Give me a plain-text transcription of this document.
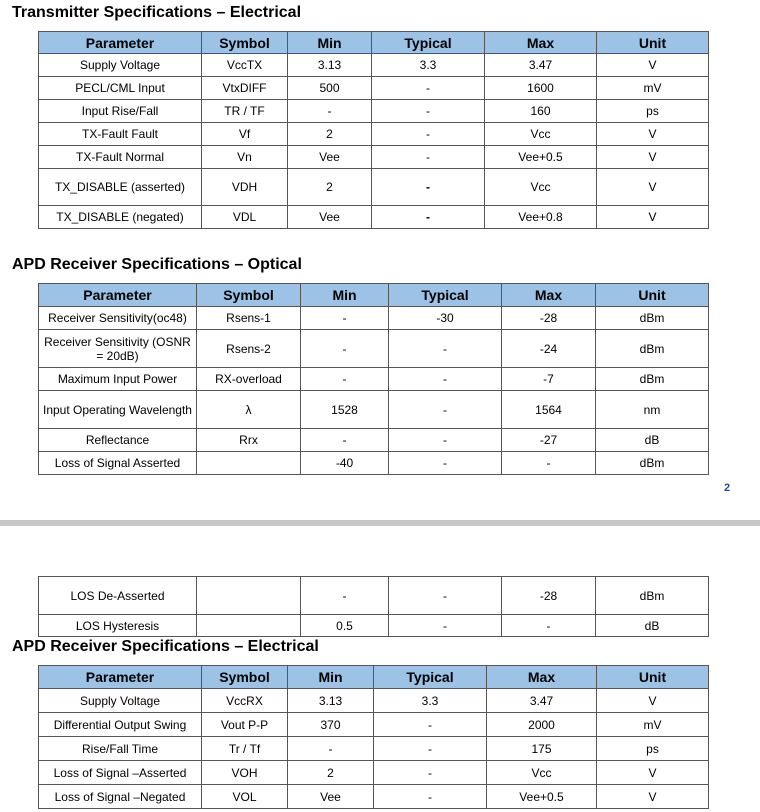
Transmitter Specifications – Electrical
Parameter	Symbol	Min	Typical	Max	Unit
Supply Voltage	VccTX	3.13	3.3	3.47	V
PECL/CML Input	VtxDIFF	500	-	1600	mV
Input Rise/Fall	TR / TF	-	-	160	ps
TX-Fault Fault	Vf	2	-	Vcc	V
TX-Fault Normal	Vn	Vee	-	Vee+0.5	V
TX_DISABLE (asserted)	VDH	2	-	Vcc	V
TX_DISABLE (negated)	VDL	Vee	-	Vee+0.8	V
APD Receiver Specifications – Optical
Parameter	Symbol	Min	Typical	Max	Unit
Receiver Sensitivity(oc48)	Rsens-1	-	-30	-28	dBm
Receiver Sensitivity (OSNR = 20dB)	Rsens-2	-	-	-24	dBm
Maximum Input Power	RX-overload	-	-	-7	dBm
Input Operating Wavelength	λ	1528	-	1564	nm
Reflectance	Rrx	-	-	-27	dB
Loss of Signal Asserted		-40	-	-	dBm
2
LOS De-Asserted		-	-	-28	dBm
LOS Hysteresis		0.5	-	-	dB
APD Receiver Specifications – Electrical
Parameter	Symbol	Min	Typical	Max	Unit
Supply Voltage	VccRX	3.13	3.3	3.47	V
Differential Output Swing	Vout P-P	370	-	2000	mV
Rise/Fall Time	Tr / Tf	-	-	175	ps
Loss of Signal –Asserted	VOH	2	-	Vcc	V
Loss of Signal –Negated	VOL	Vee	-	Vee+0.5	V
